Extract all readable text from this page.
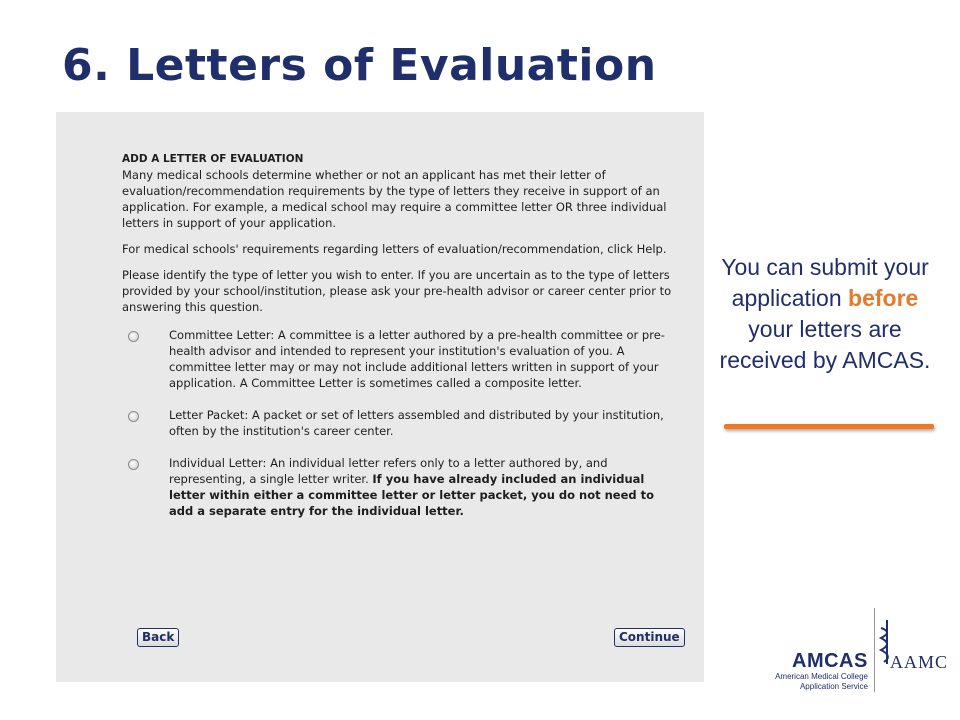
6. Letters of Evaluation

ADD A LETTER OF EVALUATION

Many medical schools determine whether or not an applicant has met their letter of evaluation/recommendation requirements by the type of letters they receive in support of an application. For example, a medical school may require a committee letter OR three individual letters in support of your application.

For medical schools' requirements regarding letters of evaluation/recommendation, click Help.

Please identify the type of letter you wish to enter. If you are uncertain as to the type of letters provided by your school/institution, please ask your pre-health advisor or career center prior to answering this question.

Committee Letter: A committee is a letter authored by a pre-health committee or pre-health advisor and intended to represent your institution's evaluation of you. A committee letter may or may not include additional letters written in support of your application. A Committee Letter is sometimes called a composite letter.
Letter Packet: A packet or set of letters assembled and distributed by your institution, often by the institution's career center.
Individual Letter: An individual letter refers only to a letter authored by, and representing, a single letter writer. If you have already included an individual letter within either a committee letter or letter packet, you do not need to add a separate entry for the individual letter.
Back	Continue
You can submit your application before your letters are received by AMCAS.
AMCAS
American Medical College
Application Service
AAMC
